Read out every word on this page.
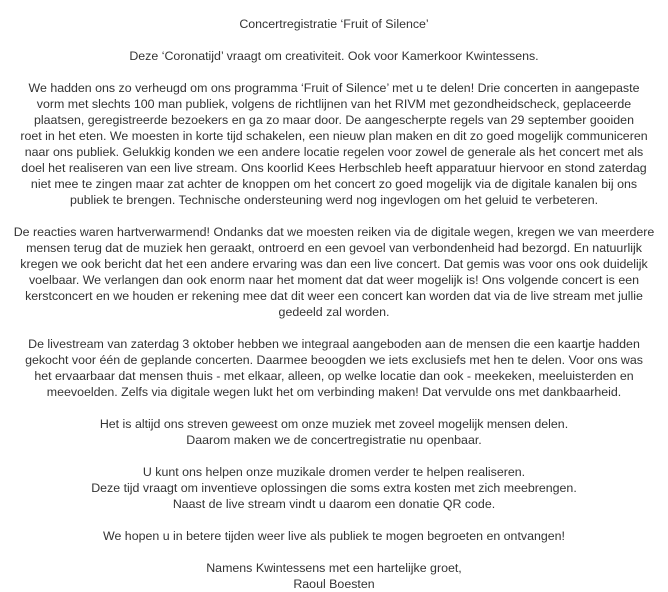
Concertregistratie ‘Fruit of Silence’
Deze ‘Coronatijd’ vraagt om creativiteit. Ook voor Kamerkoor Kwintessens.
We hadden ons zo verheugd om ons programma ‘Fruit of Silence’ met u te delen! Drie concerten in aangepaste
vorm met slechts 100 man publiek, volgens de richtlijnen van het RIVM met gezondheidscheck, geplaceerde
plaatsen, geregistreerde bezoekers en ga zo maar door. De aangescherpte regels van 29 september gooiden
roet in het eten. We moesten in korte tijd schakelen, een nieuw plan maken en dit zo goed mogelijk communiceren
naar ons publiek. Gelukkig konden we een andere locatie regelen voor zowel de generale als het concert met als
doel het realiseren van een live stream. Ons koorlid Kees Herbschleb heeft apparatuur hiervoor en stond zaterdag
niet mee te zingen maar zat achter de knoppen om het concert zo goed mogelijk via de digitale kanalen bij ons
publiek te brengen. Technische ondersteuning werd nog ingevlogen om het geluid te verbeteren.
De reacties waren hartverwarmend! Ondanks dat we moesten reiken via de digitale wegen, kregen we van meerdere
mensen terug dat de muziek hen geraakt, ontroerd en een gevoel van verbondenheid had bezorgd. En natuurlijk
kregen we ook bericht dat het een andere ervaring was dan een live concert. Dat gemis was voor ons ook duidelijk
voelbaar. We verlangen dan ook enorm naar het moment dat dat weer mogelijk is! Ons volgende concert is een
kerstconcert en we houden er rekening mee dat dit weer een concert kan worden dat via de live stream met jullie
gedeeld zal worden.
De livestream van zaterdag 3 oktober hebben we integraal aangeboden aan de mensen die een kaartje hadden
gekocht voor één de geplande concerten. Daarmee beoogden we iets exclusiefs met hen te delen. Voor ons was
het ervaarbaar dat mensen thuis - met elkaar, alleen, op welke locatie dan ook - meekeken, meeluisterden en
meevoelden. Zelfs via digitale wegen lukt het om verbinding maken! Dat vervulde ons met dankbaarheid.
Het is altijd ons streven geweest om onze muziek met zoveel mogelijk mensen delen.
Daarom maken we de concertregistratie nu openbaar.
U kunt ons helpen onze muzikale dromen verder te helpen realiseren.
Deze tijd vraagt om inventieve oplossingen die soms extra kosten met zich meebrengen.
Naast de live stream vindt u daarom een donatie QR code.
We hopen u in betere tijden weer live als publiek te mogen begroeten en ontvangen!
Namens Kwintessens met een hartelijke groet,
Raoul Boesten
